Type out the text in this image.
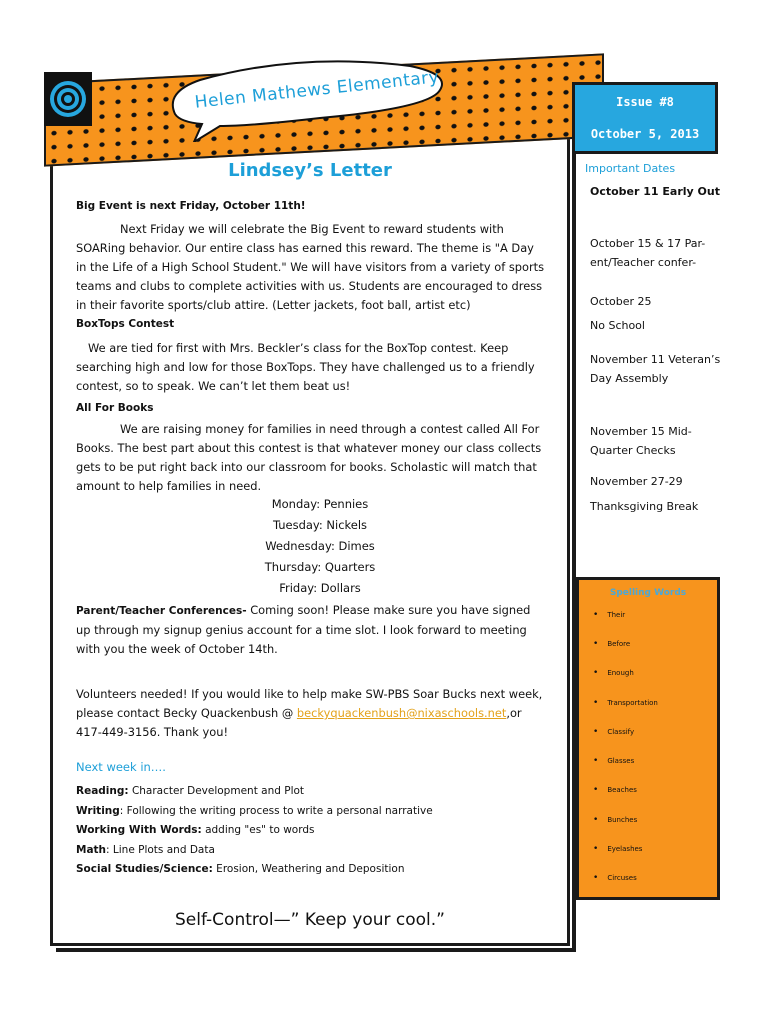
Helen Mathews Elementary	Issue #8
October 5, 2013
Important Dates
October 11 Early Out
October 15 & 17 Par-ent/Teacher confer-
October 25
No School
November 11 Veteran’s Day Assembly
November 15 Mid-Quarter Checks
November 27-29
Thanksgiving Break
Lindsey’s Letter
Big Event is next Friday, October 11th!
Next Friday we will celebrate the Big Event to reward students with SOARing behavior. Our entire class has earned this reward. The theme is "A Day in the Life of a High School Student." We will have visitors from a variety of sports teams and clubs to complete activities with us. Students are encouraged to dress in their favorite sports/club attire. (Letter jackets, foot ball, artist etc)
BoxTops Contest
We are tied for first with Mrs. Beckler’s class for the BoxTop contest. Keep searching high and low for those BoxTops. They have challenged us to a friendly contest, so to speak. We can’t let them beat us!
All For Books
We are raising money for families in need through a contest called All For Books. The best part about this contest is that whatever money our class collects gets to be put right back into our classroom for books. Scholastic will match that amount to help families in need.
Monday: Pennies
Tuesday: Nickels
Wednesday: Dimes
Thursday: Quarters
Friday: Dollars
Parent/Teacher Conferences- Coming soon! Please make sure you have signed up through my signup genius account for a time slot. I look forward to meeting with you the week of October 14th.
Volunteers needed! If you would like to help make SW-PBS Soar Bucks next week, please contact Becky Quackenbush @ beckyquackenbush@nixaschools.net,or 417-449-3156. Thank you!
Next week in….
Reading: Character Development and Plot
Writing: Following the writing process to write a personal narrative
Working With Words: adding "es" to words
Math: Line Plots and Data
Social Studies/Science: Erosion, Weathering and Deposition
Self-Control—” Keep your cool.”
Spelling Words
• Their
• Before
• Enough
• Transportation
• Classify
• Glasses
• Beaches
• Bunches
• Eyelashes
• Circuses
